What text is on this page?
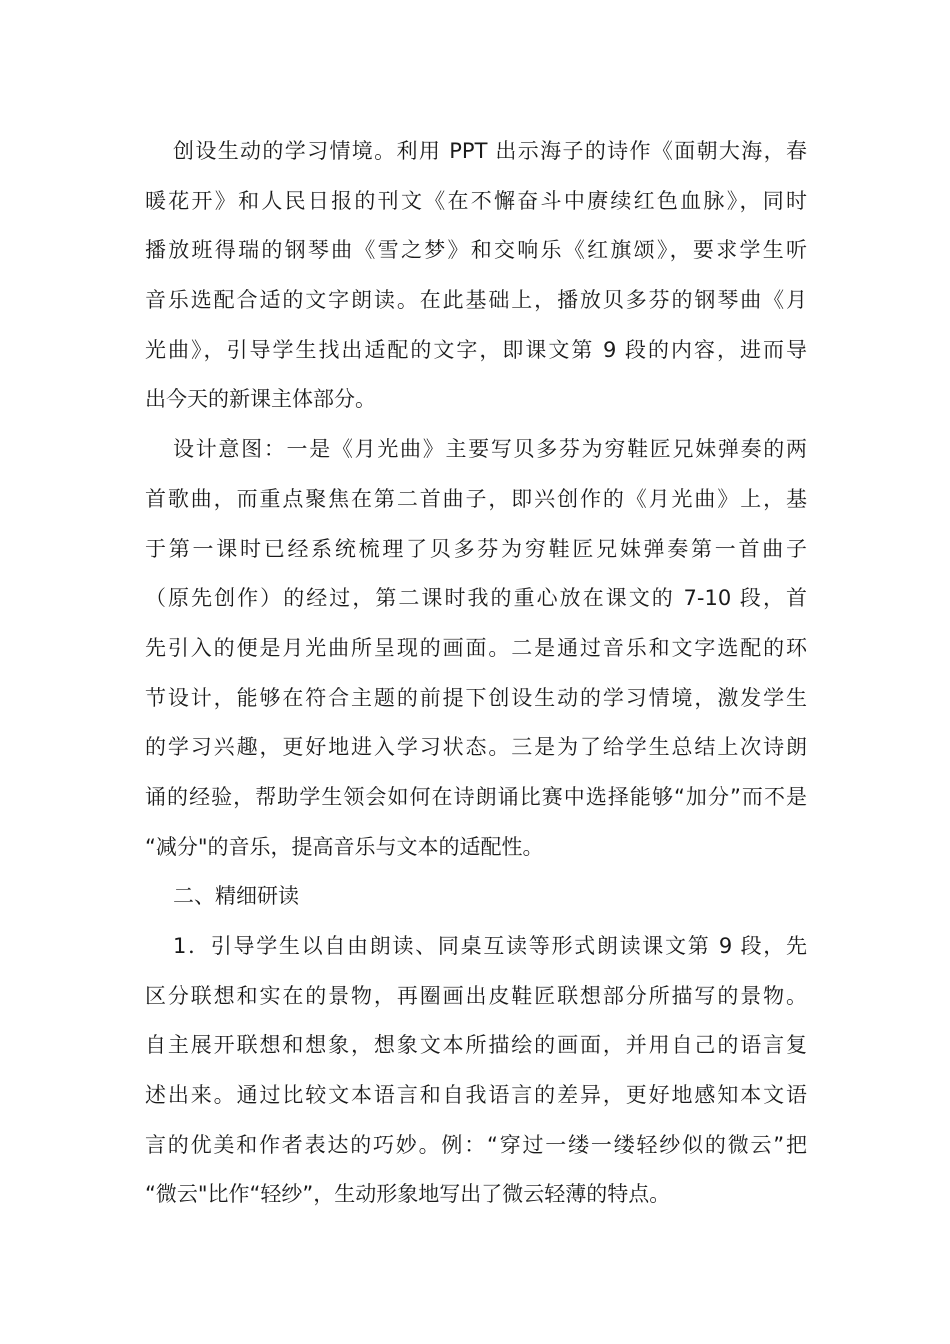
创设生动的学习情境。利用 PPT 出示海子的诗作《面朝大海，春
暖花开》和人民日报的刊文《在不懈奋斗中赓续红色血脉》，同时
播放班得瑞的钢琴曲《雪之梦》和交响乐《红旗颂》，要求学生听
音乐选配合适的文字朗读。在此基础上，播放贝多芬的钢琴曲《月
光曲》，引导学生找出适配的文字，即课文第 9 段的内容，进而导
出今天的新课主体部分。
设计意图：一是《月光曲》主要写贝多芬为穷鞋匠兄妹弹奏的两
首歌曲，而重点聚焦在第二首曲子，即兴创作的《月光曲》上，基
于第一课时已经系统梳理了贝多芬为穷鞋匠兄妹弹奏第一首曲子
（原先创作）的经过，第二课时我的重心放在课文的 7-10 段，首
先引入的便是月光曲所呈现的画面。二是通过音乐和文字选配的环
节设计，能够在符合主题的前提下创设生动的学习情境，激发学生
的学习兴趣，更好地进入学习状态。三是为了给学生总结上次诗朗
诵的经验，帮助学生领会如何在诗朗诵比赛中选择能够“加分”而不是
“减分"的音乐，提高音乐与文本的适配性。
二、精细研读
1．引导学生以自由朗读、同桌互读等形式朗读课文第 9 段，先
区分联想和实在的景物，再圈画出皮鞋匠联想部分所描写的景物。
自主展开联想和想象，想象文本所描绘的画面，并用自己的语言复
述出来。通过比较文本语言和自我语言的差异，更好地感知本文语
言的优美和作者表达的巧妙。例：“穿过一缕一缕轻纱似的微云”把
“微云"比作“轻纱”，生动形象地写出了微云轻薄的特点。
